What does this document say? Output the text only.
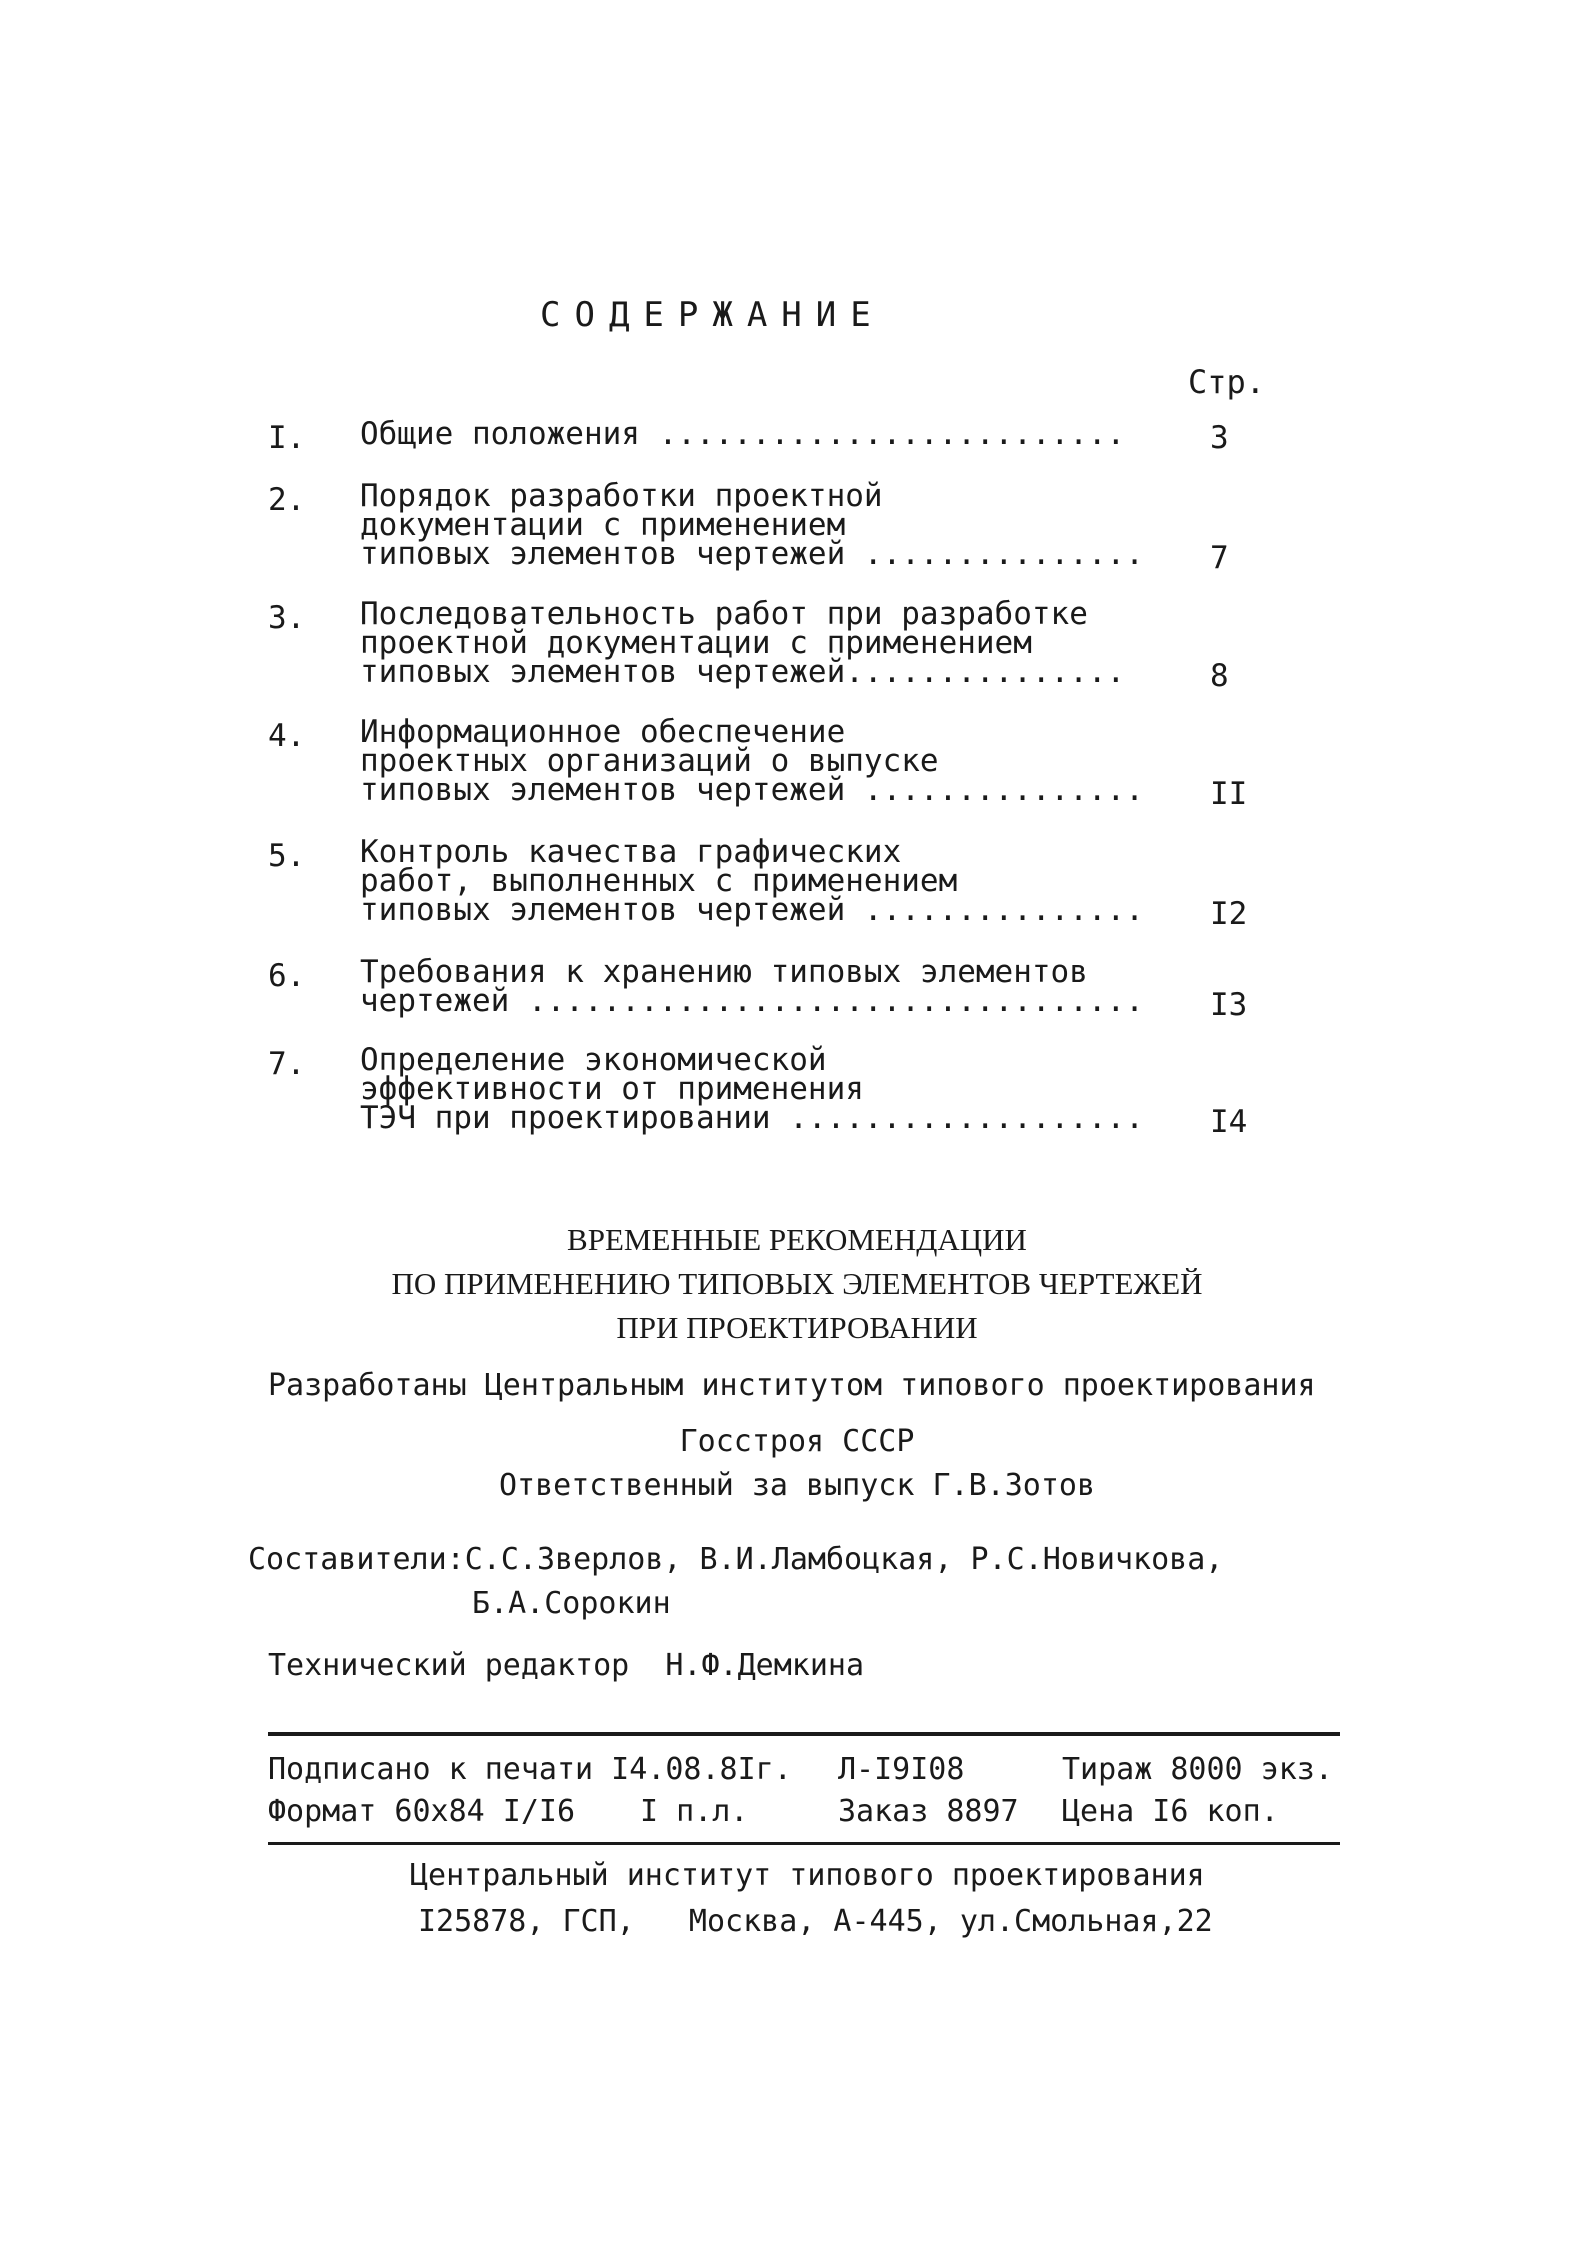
СОДЕРЖАНИЕ
Стр.
I. Общие положения .........................	3
2. Порядок разработки проектной
документации с применением
типовых элементов чертежей ............... 7
3. Последовательность работ при разработке
проектной документации с применением
типовых элементов чертежей...............	8
4. Информационное обеспечение
проектных организаций о выпуске
типовых элементов чертежей ............... II
5. Контроль качества графических
работ, выполненных с применением
типовых элементов чертежей ............... I2
6. Требования к хранению типовых элементов
чертежей ................................. I3
7. Определение экономической
эффективности от применения
ТЭЧ при проектировании ................... I4
ВРЕМЕННЫЕ РЕКОМЕНДАЦИИ
ПО ПРИМЕНЕНИЮ ТИПОВЫХ ЭЛЕМЕНТОВ ЧЕРТЕЖЕЙ
ПРИ ПРОЕКТИРОВАНИИ
Разработаны Центральным институтом типового проектирования
Госстроя СССР
Ответственный за выпуск Г.В.Зотов
Составители:С.С.Зверлов, В.И.Ламбоцкая, Р.С.Новичкова,
Б.А.Сорокин
Технический редактор  Н.Ф.Демкина
Подписано к печати I4.08.8Iг. Л-I9I08	Тираж 8000 экз.
Формат 60х84 I/I6 I п.л.	Заказ 8897 Цена I6 коп.
Центральный институт типового проектирования
I25878, ГСП,   Москва, А-445, ул.Смольная,22
